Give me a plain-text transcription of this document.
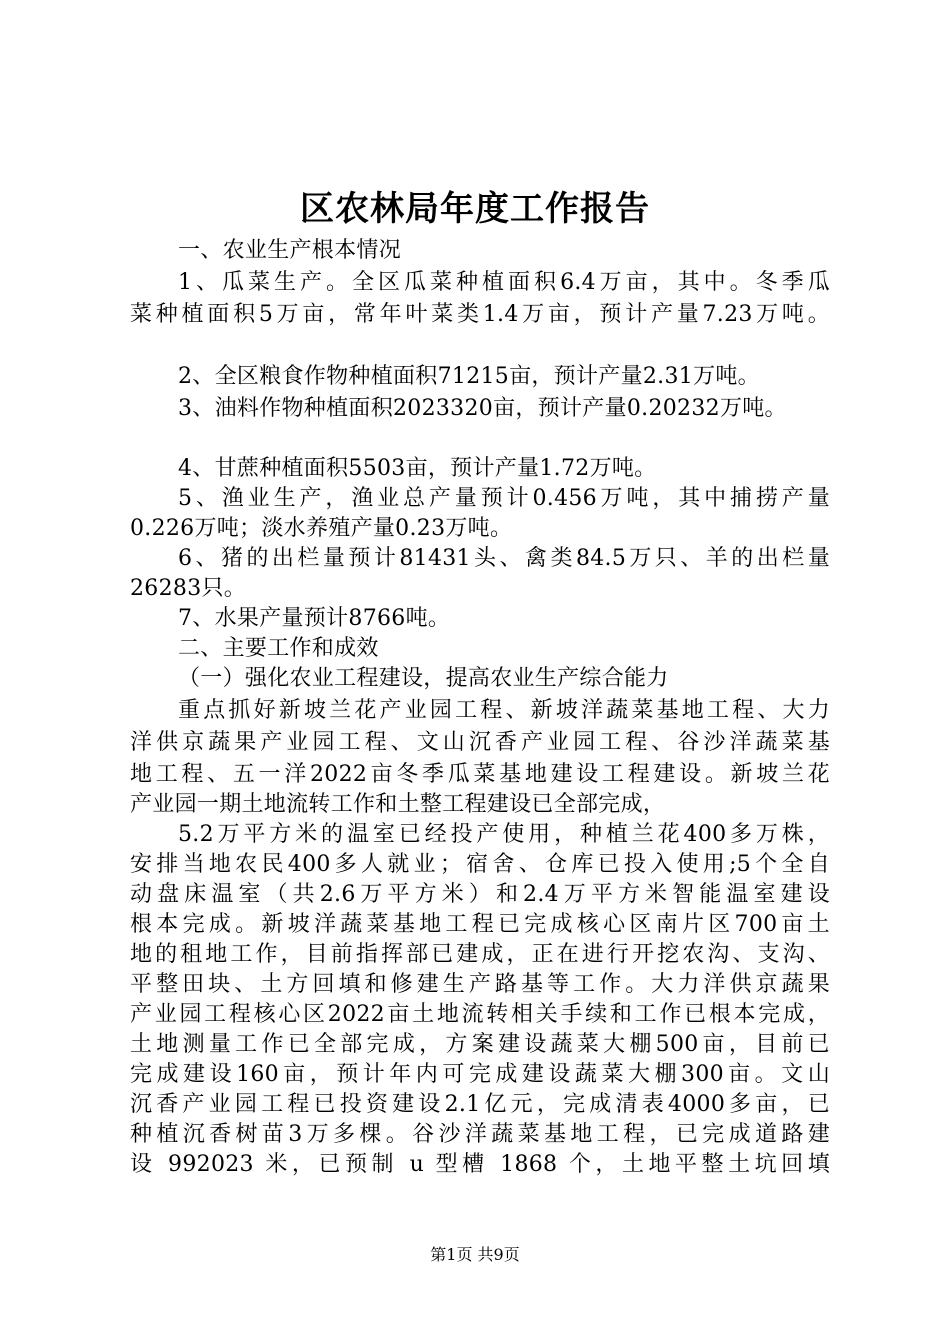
区农林局年度工作报告
一、农业生产根本情况
1、瓜菜生产。全区瓜菜种植面积6.4万亩，其中。冬季瓜
菜种植面积5万亩，常年叶菜类1.4万亩，预计产量7.23万吨。
2、全区粮食作物种植面积71215亩，预计产量2.31万吨。
3、油料作物种植面积2023320亩，预计产量0.20232万吨。
4、甘蔗种植面积5503亩，预计产量1.72万吨。
5、渔业生产，渔业总产量预计0.456万吨，其中捕捞产量
0.226万吨；淡水养殖产量0.23万吨。
6、猪的出栏量预计81431头、禽类84.5万只、羊的出栏量
26283只。
7、水果产量预计8766吨。
二、主要工作和成效
（一）强化农业工程建设，提高农业生产综合能力
重点抓好新坡兰花产业园工程、新坡洋蔬菜基地工程、大力
洋供京蔬果产业园工程、文山沉香产业园工程、谷沙洋蔬菜基
地工程、五一洋2022亩冬季瓜菜基地建设工程建设。新坡兰花
产业园一期土地流转工作和土整工程建设已全部完成，
5.2万平方米的温室已经投产使用，种植兰花400多万株，
安排当地农民400多人就业；宿舍、仓库已投入使用;5个全自
动盘床温室（共2.6万平方米）和2.4万平方米智能温室建设
根本完成。新坡洋蔬菜基地工程已完成核心区南片区700亩土
地的租地工作，目前指挥部已建成，正在进行开挖农沟、支沟、
平整田块、土方回填和修建生产路基等工作。大力洋供京蔬果
产业园工程核心区2022亩土地流转相关手续和工作已根本完成，
土地测量工作已全部完成，方案建设蔬菜大棚500亩，目前已
完成建设160亩，预计年内可完成建设蔬菜大棚300亩。文山
沉香产业园工程已投资建设2.1亿元，完成清表4000多亩，已
种植沉香树苗3万多棵。谷沙洋蔬菜基地工程，已完成道路建
设 992023 米，已预制 u 型槽 1868 个，土地平整土坑回填
第1页 共9页
